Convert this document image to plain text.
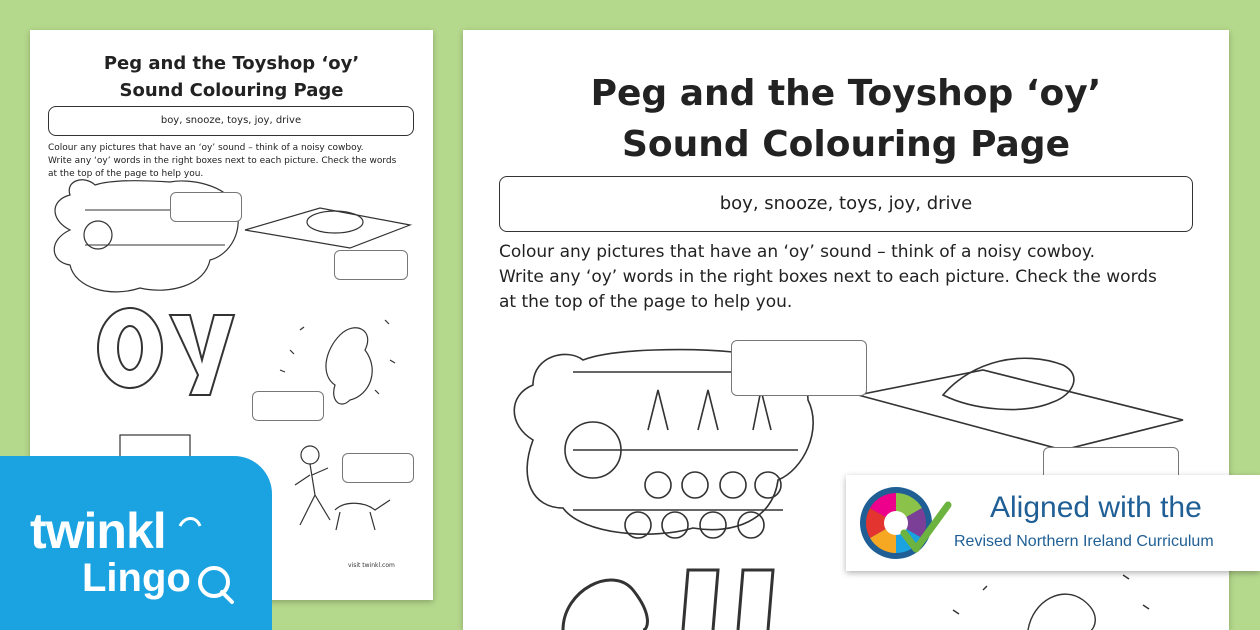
Peg and the Toyshop ‘oy’
Sound Colouring Page
boy, snooze, toys, joy, drive
Colour any pictures that have an ‘oy’ sound – think of a noisy cowboy.
Write any ‘oy’ words in the right boxes next to each picture. Check the words
at the top of the page to help you.
visit twinkl.com
Peg and the Toyshop ‘oy’
Sound Colouring Page
boy, snooze, toys, joy, drive
Colour any pictures that have an ‘oy’ sound – think of a noisy cowboy.
Write any ‘oy’ words in the right boxes next to each picture. Check the words
at the top of the page to help you.
Aligned with the
Revised Northern Ireland Curriculum
twinkl
Lingo
